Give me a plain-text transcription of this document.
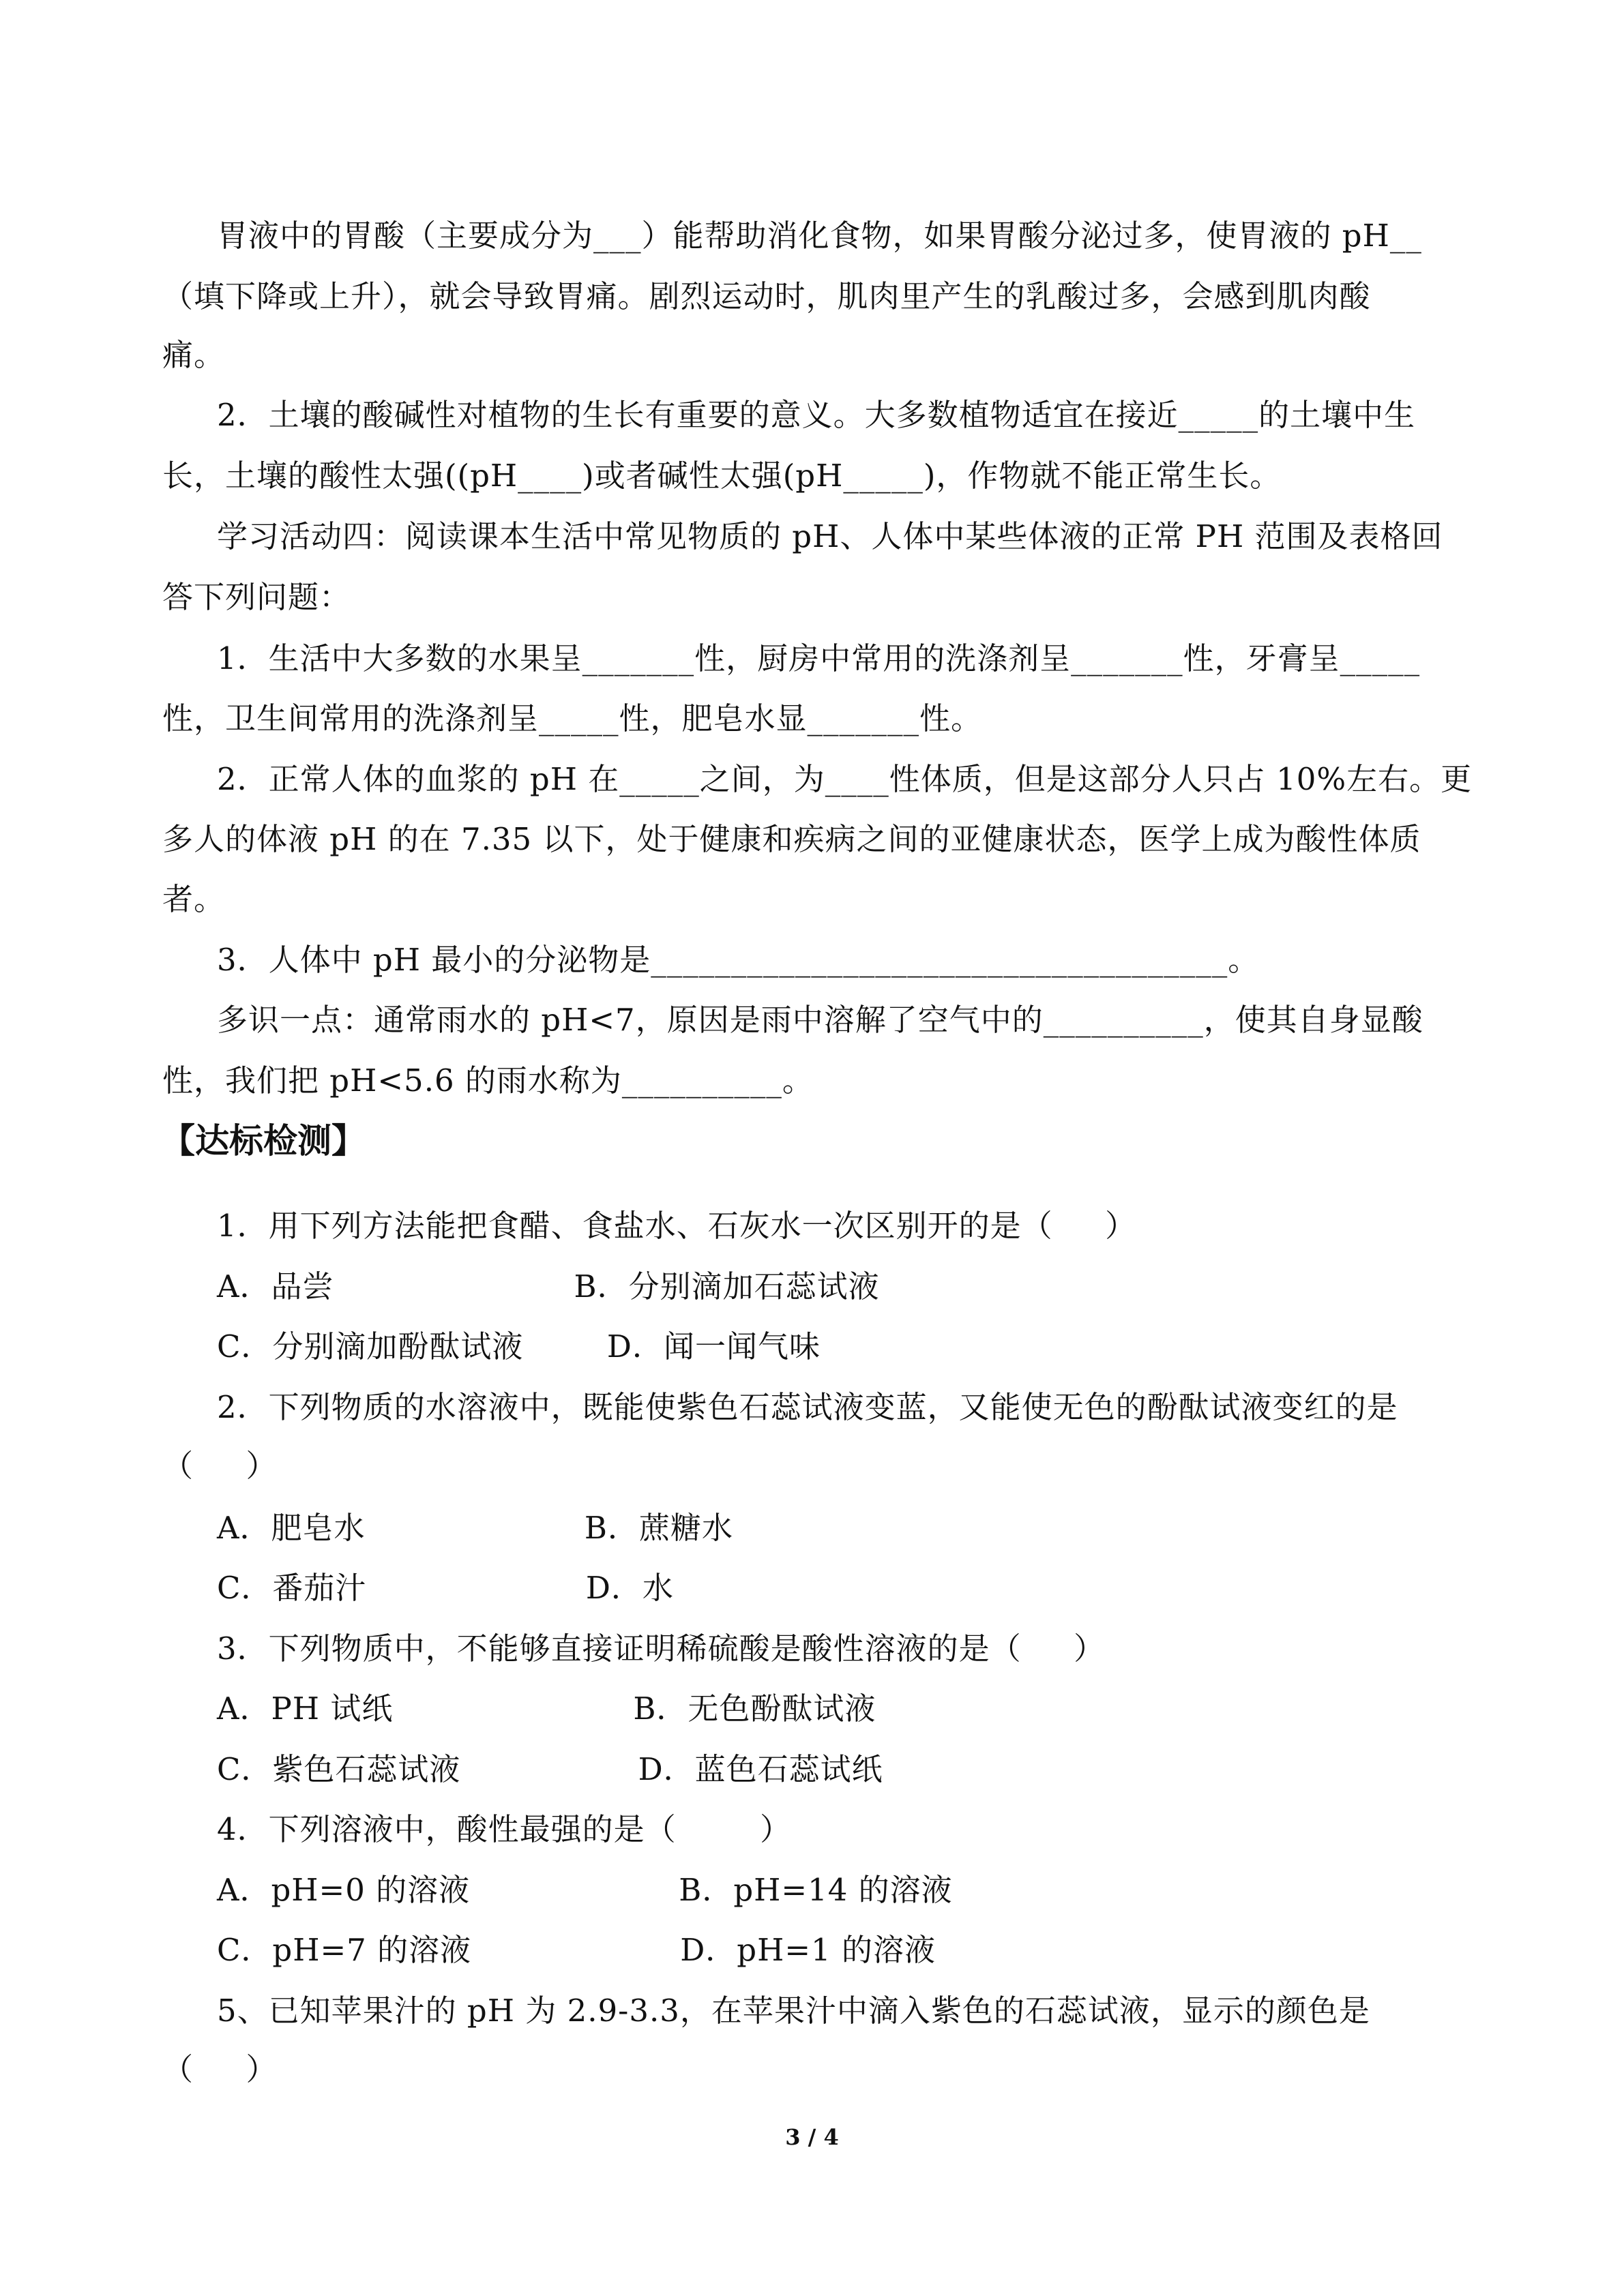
胃液中的胃酸（主要成分为___）能帮助消化食物，如果胃酸分泌过多，使胃液的 pH__
（填下降或上升），就会导致胃痛。剧烈运动时，肌肉里产生的乳酸过多，会感到肌肉酸
痛。
2．土壤的酸碱性对植物的生长有重要的意义。大多数植物适宜在接近_____的土壤中生
长，土壤的酸性太强((pH____)或者碱性太强(pH_____)，作物就不能正常生长。
学习活动四：阅读课本生活中常见物质的 pH、人体中某些体液的正常 PH 范围及表格回
答下列问题：
1．生活中大多数的水果呈_______性，厨房中常用的洗涤剂呈_______性，牙膏呈_____
性，卫生间常用的洗涤剂呈_____性，肥皂水显_______性。
2．正常人体的血浆的 pH 在_____之间，为____性体质，但是这部分人只占 10%左右。更
多人的体液 pH 的在 7.35 以下，处于健康和疾病之间的亚健康状态，医学上成为酸性体质
者。
3．人体中 pH 最小的分泌物是____________________________________。
多识一点：通常雨水的 pH<7，原因是雨中溶解了空气中的__________，使其自身显酸
性，我们把 pH<5.6 的雨水称为__________。
【达标检测】
1．用下列方法能把食醋、食盐水、石灰水一次区别开的是（     ）
A．品尝                       B．分别滴加石蕊试液
C．分别滴加酚酞试液        D．闻一闻气味
2．下列物质的水溶液中，既能使紫色石蕊试液变蓝，又能使无色的酚酞试液变红的是
（     ）
A．肥皂水                     B．蔗糖水
C．番茄汁                     D．水
3．下列物质中，不能够直接证明稀硫酸是酸性溶液的是（     ）
A．PH 试纸                       B．无色酚酞试液
C．紫色石蕊试液                 D．蓝色石蕊试纸
4．下列溶液中，酸性最强的是（        ）
A．pH=0 的溶液                    B．pH=14 的溶液
C．pH=7 的溶液                    D．pH=1 的溶液
5、已知苹果汁的 pH 为 2.9-3.3，在苹果汁中滴入紫色的石蕊试液，显示的颜色是
（     ）
3 / 4
